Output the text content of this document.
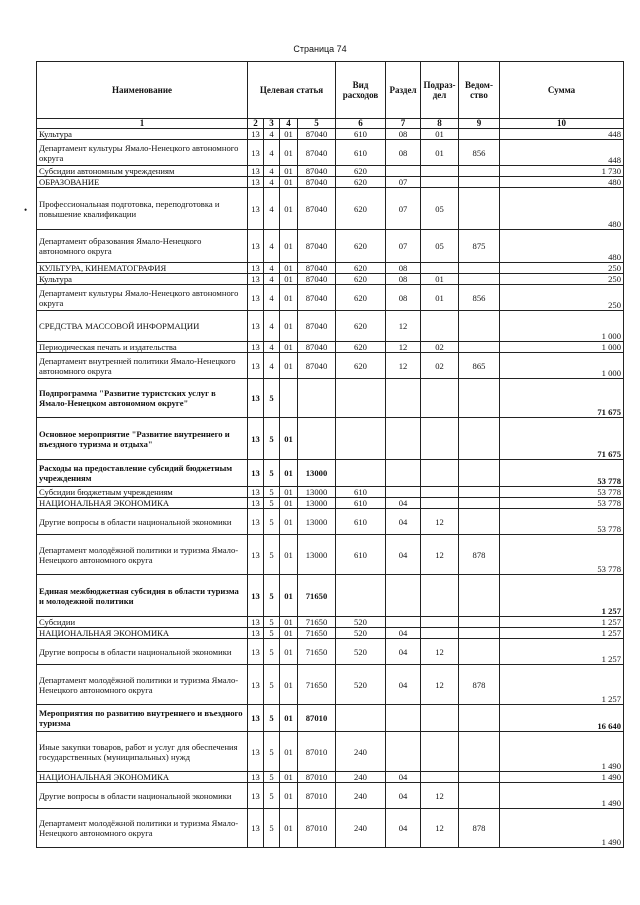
Страница 74
•
Наименование	Целевая статья				Вид расходов	Раздел	Подраз-дел	Ведом-ство	Сумма
1	2	3	4	5	6	7	8	9	10
Культура	13	4	01	87040	610	08	01		448
Департамент культуры Ямало-Ненецкого автономного округа	13	4	01	87040	610	08	01	856	448
Субсидии автономным учреждениям	13	4	01	87040	620				1 730
ОБРАЗОВАНИЕ	13	4	01	87040	620	07			480
Профессиональная подготовка, переподготовка и повышение квалификации	13	4	01	87040	620	07	05		480
Департамент образования Ямало-Ненецкого автономного округа	13	4	01	87040	620	07	05	875	480
КУЛЬТУРА, КИНЕМАТОГРАФИЯ	13	4	01	87040	620	08			250
Культура	13	4	01	87040	620	08	01		250
Департамент культуры Ямало-Ненецкого автономного округа	13	4	01	87040	620	08	01	856	250
СРЕДСТВА МАССОВОЙ ИНФОРМАЦИИ	13	4	01	87040	620	12			1 000
Периодическая печать и издательства	13	4	01	87040	620	12	02		1 000
Департамент внутренней политики Ямало-Ненецкого автономного округа	13	4	01	87040	620	12	02	865	1 000
Подпрограмма "Развитие туристских услуг в Ямало-Ненецком автономном округе"	13	5							71 675
Основное мероприятие "Развитие внутреннего и въездного туризма и отдыха"	13	5	01						71 675
Расходы на предоставление субсидий бюджетным учреждениям	13	5	01	13000					53 778
Субсидии бюджетным учреждениям	13	5	01	13000	610				53 778
НАЦИОНАЛЬНАЯ ЭКОНОМИКА	13	5	01	13000	610	04			53 778
Другие вопросы в области национальной экономики	13	5	01	13000	610	04	12		53 778
Департамент молодёжной политики и туризма Ямало-Ненецкого автономного округа	13	5	01	13000	610	04	12	878	53 778
Единая межбюджетная субсидия в области туризма и молодежной политики	13	5	01	71650					1 257
Субсидии	13	5	01	71650	520				1 257
НАЦИОНАЛЬНАЯ ЭКОНОМИКА	13	5	01	71650	520	04			1 257
Другие вопросы в области национальной экономики	13	5	01	71650	520	04	12		1 257
Департамент молодёжной политики и туризма Ямало-Ненецкого автономного округа	13	5	01	71650	520	04	12	878	1 257
Мероприятия по развитию внутреннего и въездного туризма	13	5	01	87010					16 640
Иные закупки товаров, работ и услуг для обеспечения государственных (муниципальных) нужд	13	5	01	87010	240				1 490
НАЦИОНАЛЬНАЯ ЭКОНОМИКА	13	5	01	87010	240	04			1 490
Другие вопросы в области национальной экономики	13	5	01	87010	240	04	12		1 490
Департамент молодёжной политики и туризма Ямало-Ненецкого автономного округа	13	5	01	87010	240	04	12	878	1 490
